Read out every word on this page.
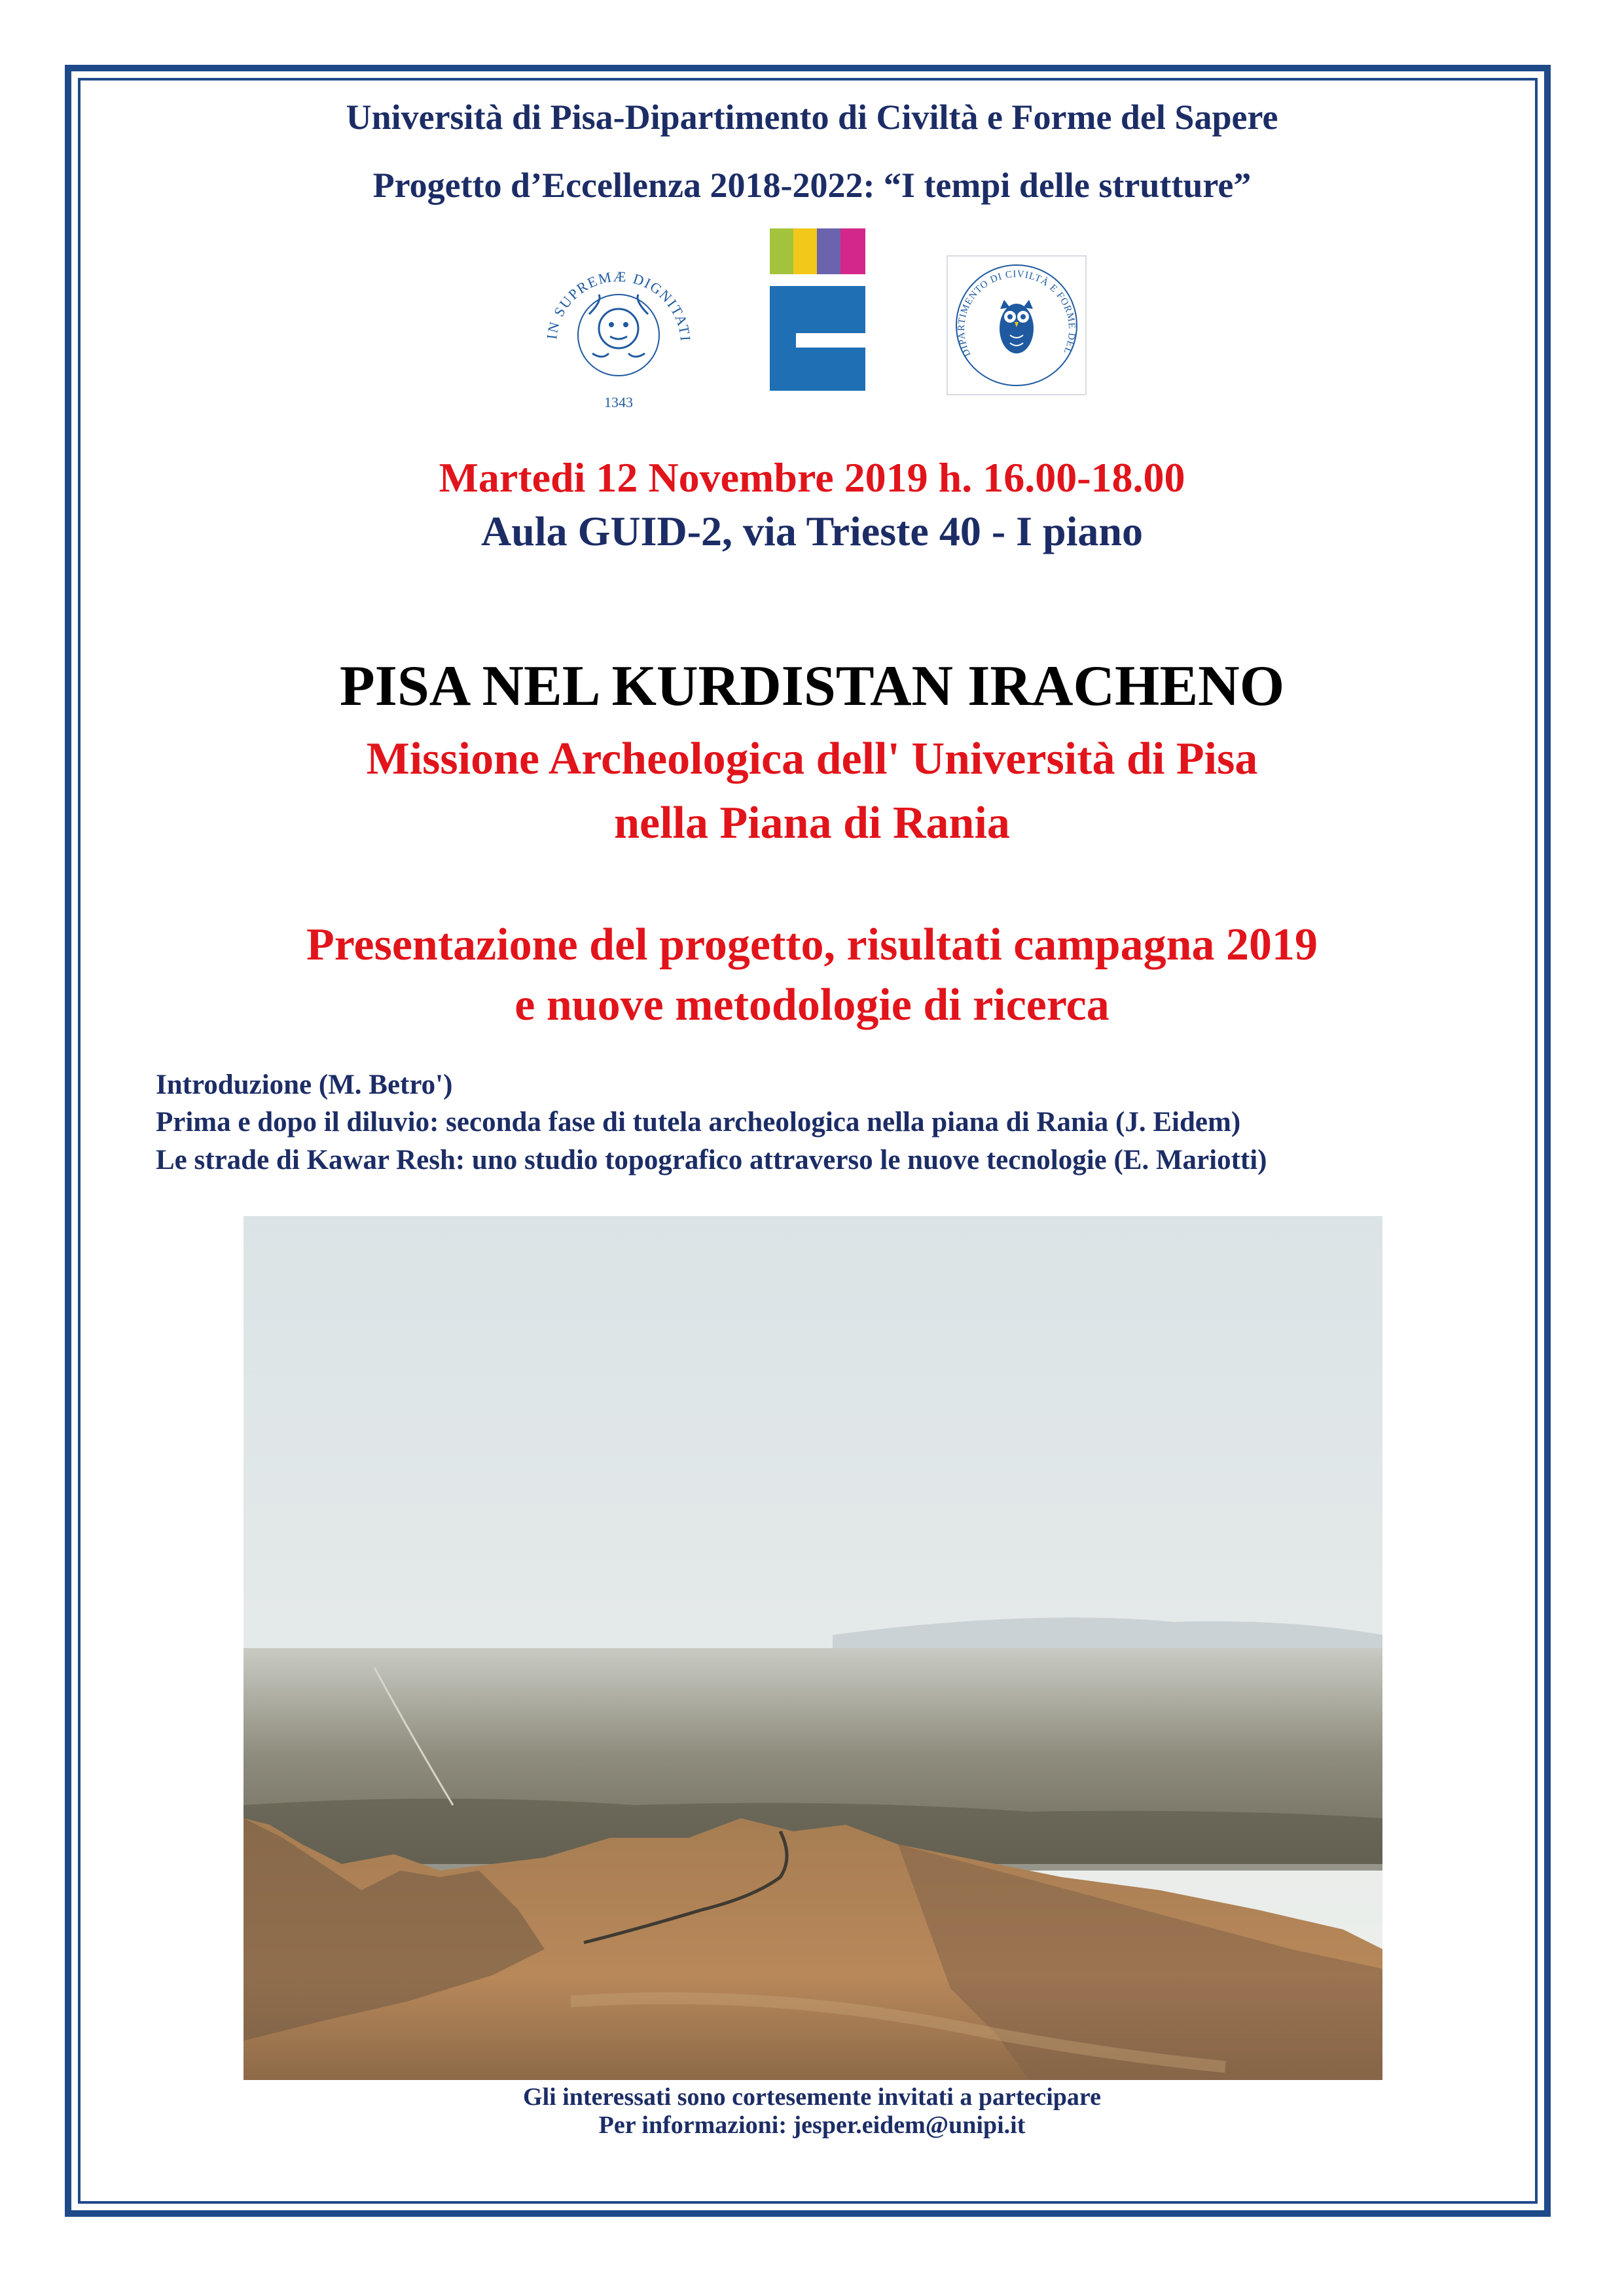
Università di Pisa-Dipartimento di Civiltà e Forme del Sapere
Progetto d’Eccellenza 2018-2022: “I tempi delle strutture”
IN SUPREMÆ DIGNITATI
1343
DIPARTIMENTO DI CIVILTÀ E FORME DEL
Martedi 12 Novembre 2019 h. 16.00-18.00
Aula GUID-2, via Trieste 40 - I piano
PISA NEL KURDISTAN IRACHENO
Missione Archeologica dell' Università di Pisa
nella Piana di Rania
Presentazione del progetto, risultati campagna 2019
e nuove metodologie di ricerca
Introduzione (M. Betro')
Prima e dopo il diluvio: seconda fase di tutela archeologica nella piana di Rania (J. Eidem)
Le strade di Kawar Resh: uno studio topografico attraverso le nuove tecnologie (E. Mariotti)
Gli interessati sono cortesemente invitati a partecipare
Per informazioni: jesper.eidem@unipi.it
